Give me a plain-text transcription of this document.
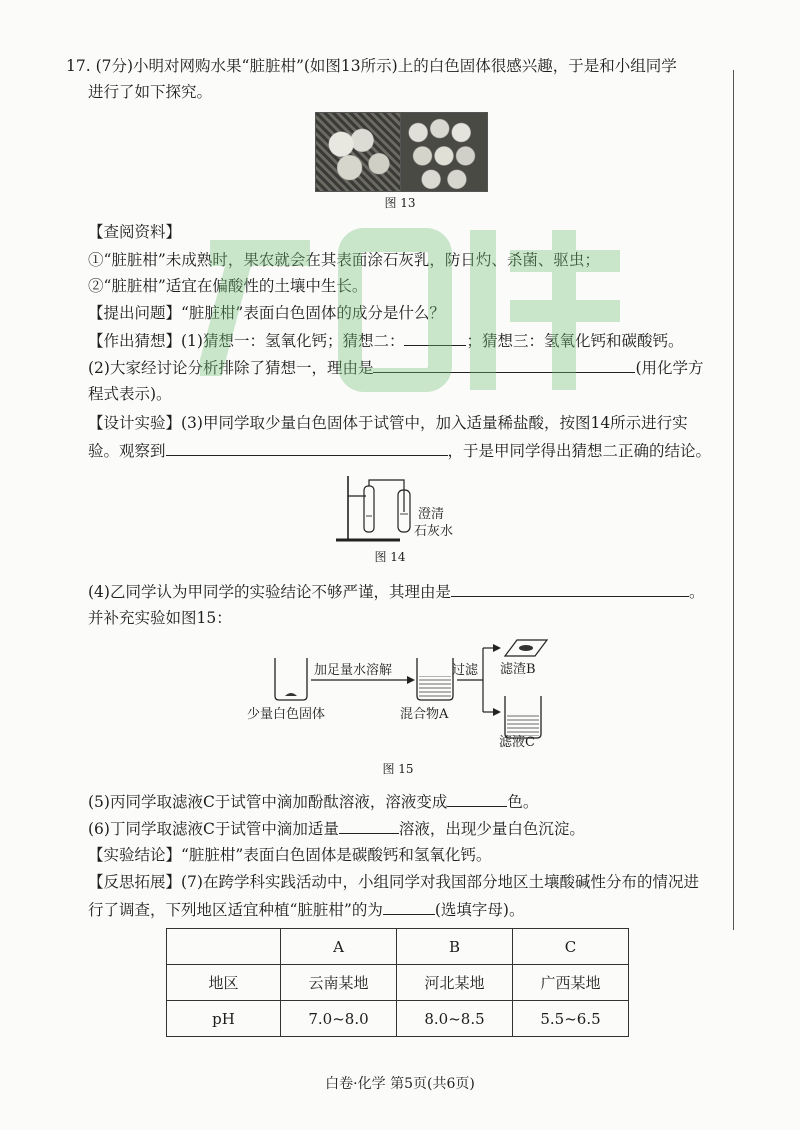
17. (7分)小明对网购水果“脏脏柑”(如图13所示)上的白色固体很感兴趣，于是和小组同学
进行了如下探究。
图 13
【查阅资料】
①“脏脏柑”未成熟时，果农就会在其表面涂石灰乳，防日灼、杀菌、驱虫；
②“脏脏柑”适宜在偏酸性的土壤中生长。
【提出问题】“脏脏柑”表面白色固体的成分是什么？
【作出猜想】(1)猜想一：氢氧化钙；猜想二：	；猜想三：氢氧化钙和碳酸钙。
(2)大家经讨论分析排除了猜想一，理由是	(用化学方
程式表示)。
【设计实验】(3)甲同学取少量白色固体于试管中，加入适量稀盐酸，按图14所示进行实
验。观察到	，于是甲同学得出猜想二正确的结论。
澄清
石灰水
图 14
(4)乙同学认为甲同学的实验结论不够严谨，其理由是	。
并补充实验如图15：
加足量水溶解	过滤 滤渣B
少量白色固体	混合物A
滤液C
图 15
(5)丙同学取滤液C于试管中滴加酚酞溶液，溶液变成	色。
(6)丁同学取滤液C于试管中滴加适量	溶液，出现少量白色沉淀。
【实验结论】“脏脏柑”表面白色固体是碳酸钙和氢氧化钙。
【反思拓展】(7)在跨学科实践活动中，小组同学对我国部分地区土壤酸碱性分布的情况进
行了调查，下列地区适宜种植“脏脏柑”的为	(选填字母)。
	A	B	C
地区	云南某地	河北某地	广西某地
pH	7.0~8.0	8.0~8.5	5.5~6.5
白卷·化学 第5页(共6页)
